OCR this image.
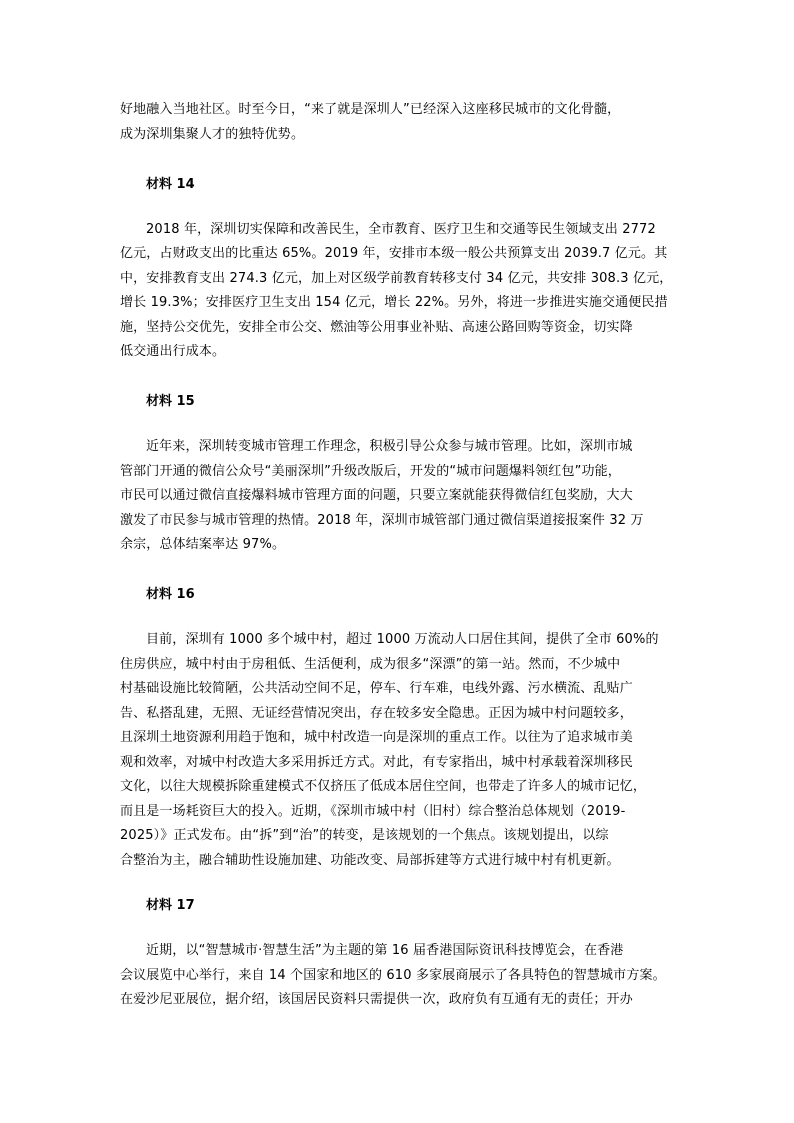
好地融入当地社区。时至今日，“来了就是深圳人”已经深入这座移民城市的文化骨髓，
成为深圳集聚人才的独特优势。
材料 14
2018 年，深圳切实保障和改善民生，全市教育、医疗卫生和交通等民生领域支出 2772
亿元，占财政支出的比重达 65%。2019 年，安排市本级一般公共预算支出 2039.7 亿元。其
中，安排教育支出 274.3 亿元，加上对区级学前教育转移支付 34 亿元，共安排 308.3 亿元，
增长 19.3%；安排医疗卫生支出 154 亿元，增长 22%。另外，将进一步推进实施交通便民措
施，坚持公交优先，安排全市公交、燃油等公用事业补贴、高速公路回购等资金，切实降
低交通出行成本。
材料 15
近年来，深圳转变城市管理工作理念，积极引导公众参与城市管理。比如，深圳市城
管部门开通的微信公众号“美丽深圳”升级改版后，开发的“城市问题爆料领红包”功能，
市民可以通过微信直接爆料城市管理方面的问题，只要立案就能获得微信红包奖励，大大
激发了市民参与城市管理的热情。2018 年，深圳市城管部门通过微信渠道接报案件 32 万
余宗，总体结案率达 97%。
材料 16
目前，深圳有 1000 多个城中村，超过 1000 万流动人口居住其间，提供了全市 60%的
住房供应，城中村由于房租低、生活便利，成为很多“深漂”的第一站。然而，不少城中
村基础设施比较简陋，公共活动空间不足，停车、行车难，电线外露、污水横流、乱贴广
告、私搭乱建，无照、无证经营情况突出，存在较多安全隐患。正因为城中村问题较多，
且深圳土地资源利用趋于饱和，城中村改造一向是深圳的重点工作。以往为了追求城市美
观和效率，对城中村改造大多采用拆迁方式。对此，有专家指出，城中村承载着深圳移民
文化，以往大规模拆除重建模式不仅挤压了低成本居住空间，也带走了许多人的城市记忆，
而且是一场耗资巨大的投入。近期，《深圳市城中村（旧村）综合整治总体规划（2019-
2025）》正式发布。由“拆”到“治”的转变，是该规划的一个焦点。该规划提出，以综
合整治为主，融合辅助性设施加建、功能改变、局部拆建等方式进行城中村有机更新。
材料 17
近期，以“智慧城市·智慧生活”为主题的第 16 届香港国际资讯科技博览会，在香港
会议展览中心举行，来自 14 个国家和地区的 610 多家展商展示了各具特色的智慧城市方案。
在爱沙尼亚展位，据介绍，该国居民资料只需提供一次，政府负有互通有无的责任；开办
